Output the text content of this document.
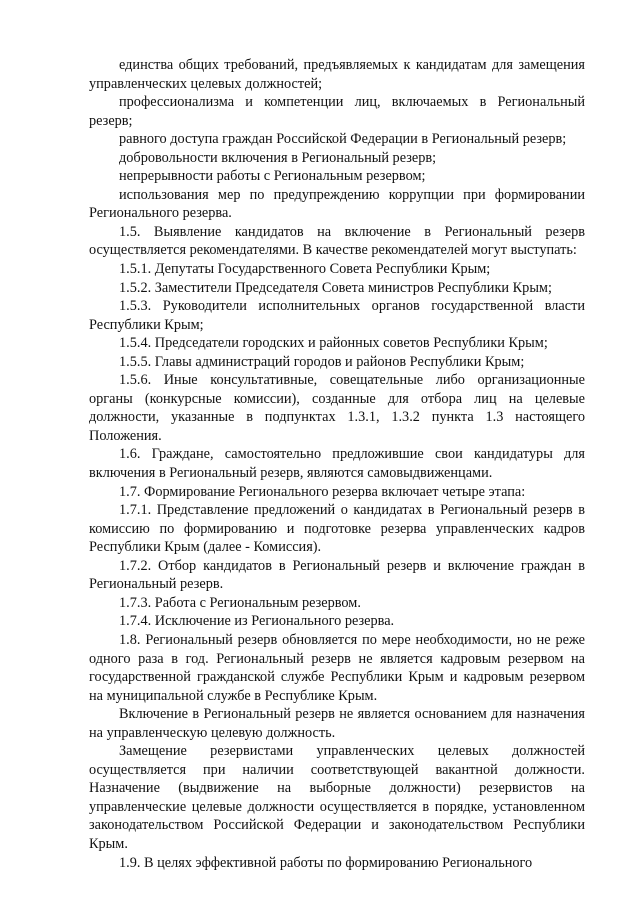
единства общих требований, предъявляемых к кандидатам для замещения управленческих целевых должностей;

профессионализма и компетенции лиц, включаемых в Региональный резерв;

равного доступа граждан Российской Федерации в Региональный резерв;

добровольности включения в Региональный резерв;

непрерывности работы с Региональным резервом;

использования мер по предупреждению коррупции при формировании Регионального резерва.

1.5. Выявление кандидатов на включение в Региональный резерв осуществляется рекомендателями. В качестве рекомендателей могут выступать:

1.5.1. Депутаты Государственного Совета Республики Крым;

1.5.2. Заместители Председателя Совета министров Республики Крым;

1.5.3. Руководители исполнительных органов государственной власти Республики Крым;

1.5.4. Председатели городских и районных советов Республики Крым;

1.5.5. Главы администраций городов и районов Республики Крым;

1.5.6. Иные консультативные, совещательные либо организационные органы (конкурсные комиссии), созданные для отбора лиц на целевые должности, указанные в подпунктах 1.3.1, 1.3.2 пункта 1.3 настоящего Положения.

1.6. Граждане, самостоятельно предложившие свои кандидатуры для включения в Региональный резерв, являются самовыдвиженцами.

1.7. Формирование Регионального резерва включает четыре этапа:

1.7.1. Представление предложений о кандидатах в Региональный резерв в комиссию по формированию и подготовке резерва управленческих кадров Республики Крым (далее - Комиссия).

1.7.2. Отбор кандидатов в Региональный резерв и включение граждан в Региональный резерв.

1.7.3. Работа с Региональным резервом.

1.7.4. Исключение из Регионального резерва.

1.8. Региональный резерв обновляется по мере необходимости, но не реже одного раза в год. Региональный резерв не является кадровым резервом на государственной гражданской службе Республики Крым и кадровым резервом на муниципальной службе в Республике Крым.

Включение в Региональный резерв не является основанием для назначения на управленческую целевую должность.

Замещение резервистами управленческих целевых должностей осуществляется при наличии соответствующей вакантной должности. Назначение (выдвижение на выборные должности) резервистов на управленческие целевые должности осуществляется в порядке, установленном законодательством Российской Федерации и законодательством Республики Крым.

1.9. В целях эффективной работы по формированию Регионального
